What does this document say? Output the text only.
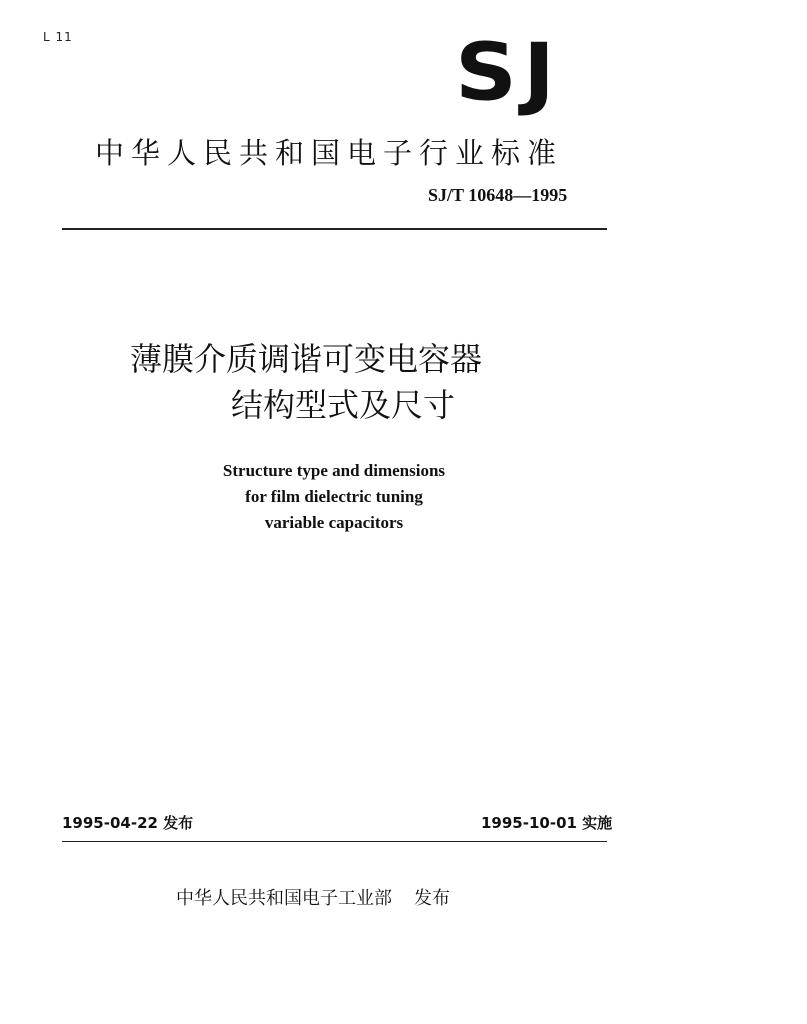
L 11	SJ
中华人民共和国电子行业标准
SJ/T 10648—1995
薄膜介质调谐可变电容器
结构型式及尺寸
Structure type and dimensions
for film dielectric tuning
variable capacitors
1995-04-22 发布	1995-10-01 实施
中华人民共和国电子工业部 发布
